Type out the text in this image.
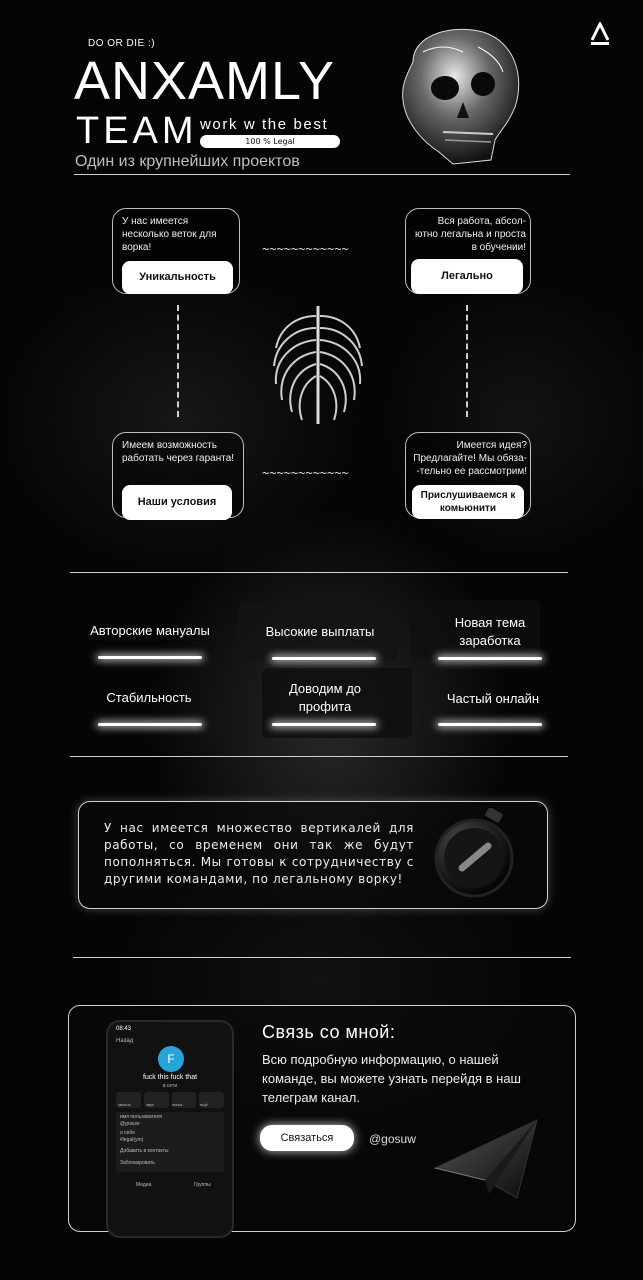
DO OR DIE :)
ANXAMLY
TEAM work w the best
100 % Legal
Один из крупнейших проектов
У нас имеется несколько веток для ворка!
Уникальность
Вся работа, абсол- ютно легальна и проста в обучении!
Легально
Имеем возможность работать через гаранта!
Наши условия
Имеется идея? Предлагайте! Мы обяза- -тельно ее рассмотрим!
Прислушиваемся к комьюнити
~~~~~~~~~~~~
~~~~~~~~~~~~
Авторские мануалы	Высокие выплаты
Новая тема заработка
Стабильность
Доводим до профита
Частый онлайн
У нас имеется множество вертикалей для работы, со временем они так же будут пополняться. Мы готовы к сотрудничеству с другими командами, по легальному ворку!
08:43
Назад
F
fuck this fuck that
в сети
звонок	звук	поиск	ещё
имя пользователя
@gosuw
о себе
#legal(ym)
Добавить в контакты
Заблокировать
Медиа	Группы
Связь со мной:
Всю подробную информацию, о нашей команде, вы можете узнать перейдя в наш телеграм канал.
Связаться	@gosuw
